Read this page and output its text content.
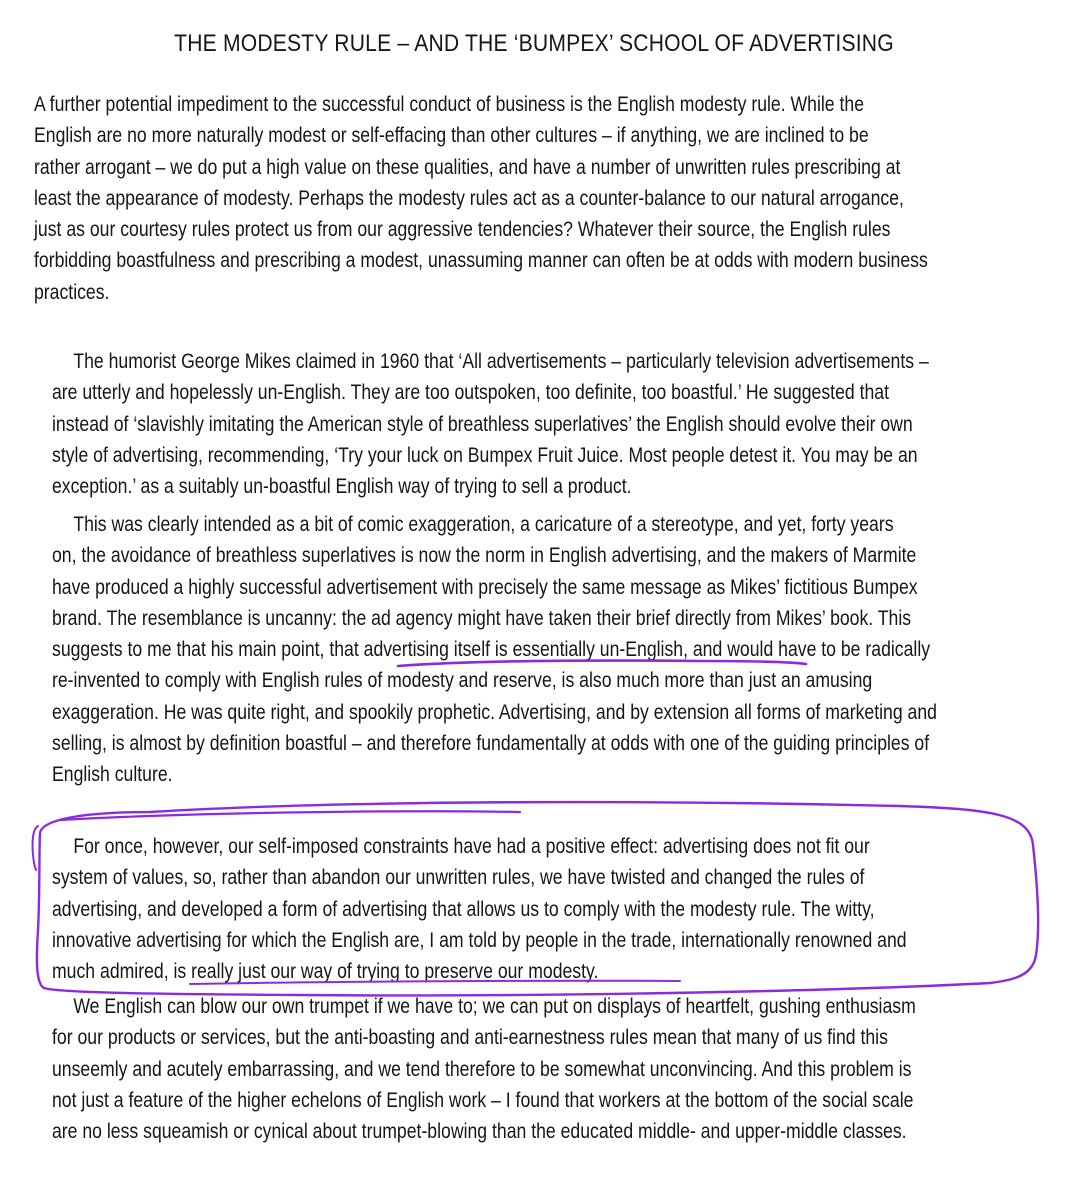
THE MODESTY RULE – AND THE ‘BUMPEX’ SCHOOL OF ADVERTISING

A further potential impediment to the successful conduct of business is the English modesty rule. While the
English are no more naturally modest or self-effacing than other cultures – if anything, we are inclined to be
rather arrogant – we do put a high value on these qualities, and have a number of unwritten rules prescribing at
least the appearance of modesty. Perhaps the modesty rules act as a counter-balance to our natural arrogance,
just as our courtesy rules protect us from our aggressive tendencies? Whatever their source, the English rules
forbidding boastfulness and prescribing a modest, unassuming manner can often be at odds with modern business
practices.

The humorist George Mikes claimed in 1960 that ‘All advertisements – particularly television advertisements –
are utterly and hopelessly un-English. They are too outspoken, too definite, too boastful.’ He suggested that
instead of ‘slavishly imitating the American style of breathless superlatives’ the English should evolve their own
style of advertising, recommending, ‘Try your luck on Bumpex Fruit Juice. Most people detest it. You may be an
exception.’ as a suitably un-boastful English way of trying to sell a product.

This was clearly intended as a bit of comic exaggeration, a caricature of a stereotype, and yet, forty years
on, the avoidance of breathless superlatives is now the norm in English advertising, and the makers of Marmite
have produced a highly successful advertisement with precisely the same message as Mikes’ fictitious Bumpex
brand. The resemblance is uncanny: the ad agency might have taken their brief directly from Mikes’ book. This
suggests to me that his main point, that advertising itself is essentially un-English, and would have to be radically
re-invented to comply with English rules of modesty and reserve, is also much more than just an amusing
exaggeration. He was quite right, and spookily prophetic. Advertising, and by extension all forms of marketing and
selling, is almost by definition boastful – and therefore fundamentally at odds with one of the guiding principles of
English culture.

For once, however, our self-imposed constraints have had a positive effect: advertising does not fit our
system of values, so, rather than abandon our unwritten rules, we have twisted and changed the rules of
advertising, and developed a form of advertising that allows us to comply with the modesty rule. The witty,
innovative advertising for which the English are, I am told by people in the trade, internationally renowned and
much admired, is really just our way of trying to preserve our modesty.

We English can blow our own trumpet if we have to; we can put on displays of heartfelt, gushing enthusiasm
for our products or services, but the anti-boasting and anti-earnestness rules mean that many of us find this
unseemly and acutely embarrassing, and we tend therefore to be somewhat unconvincing. And this problem is
not just a feature of the higher echelons of English work – I found that workers at the bottom of the social scale
are no less squeamish or cynical about trumpet-blowing than the educated middle- and upper-middle classes.
